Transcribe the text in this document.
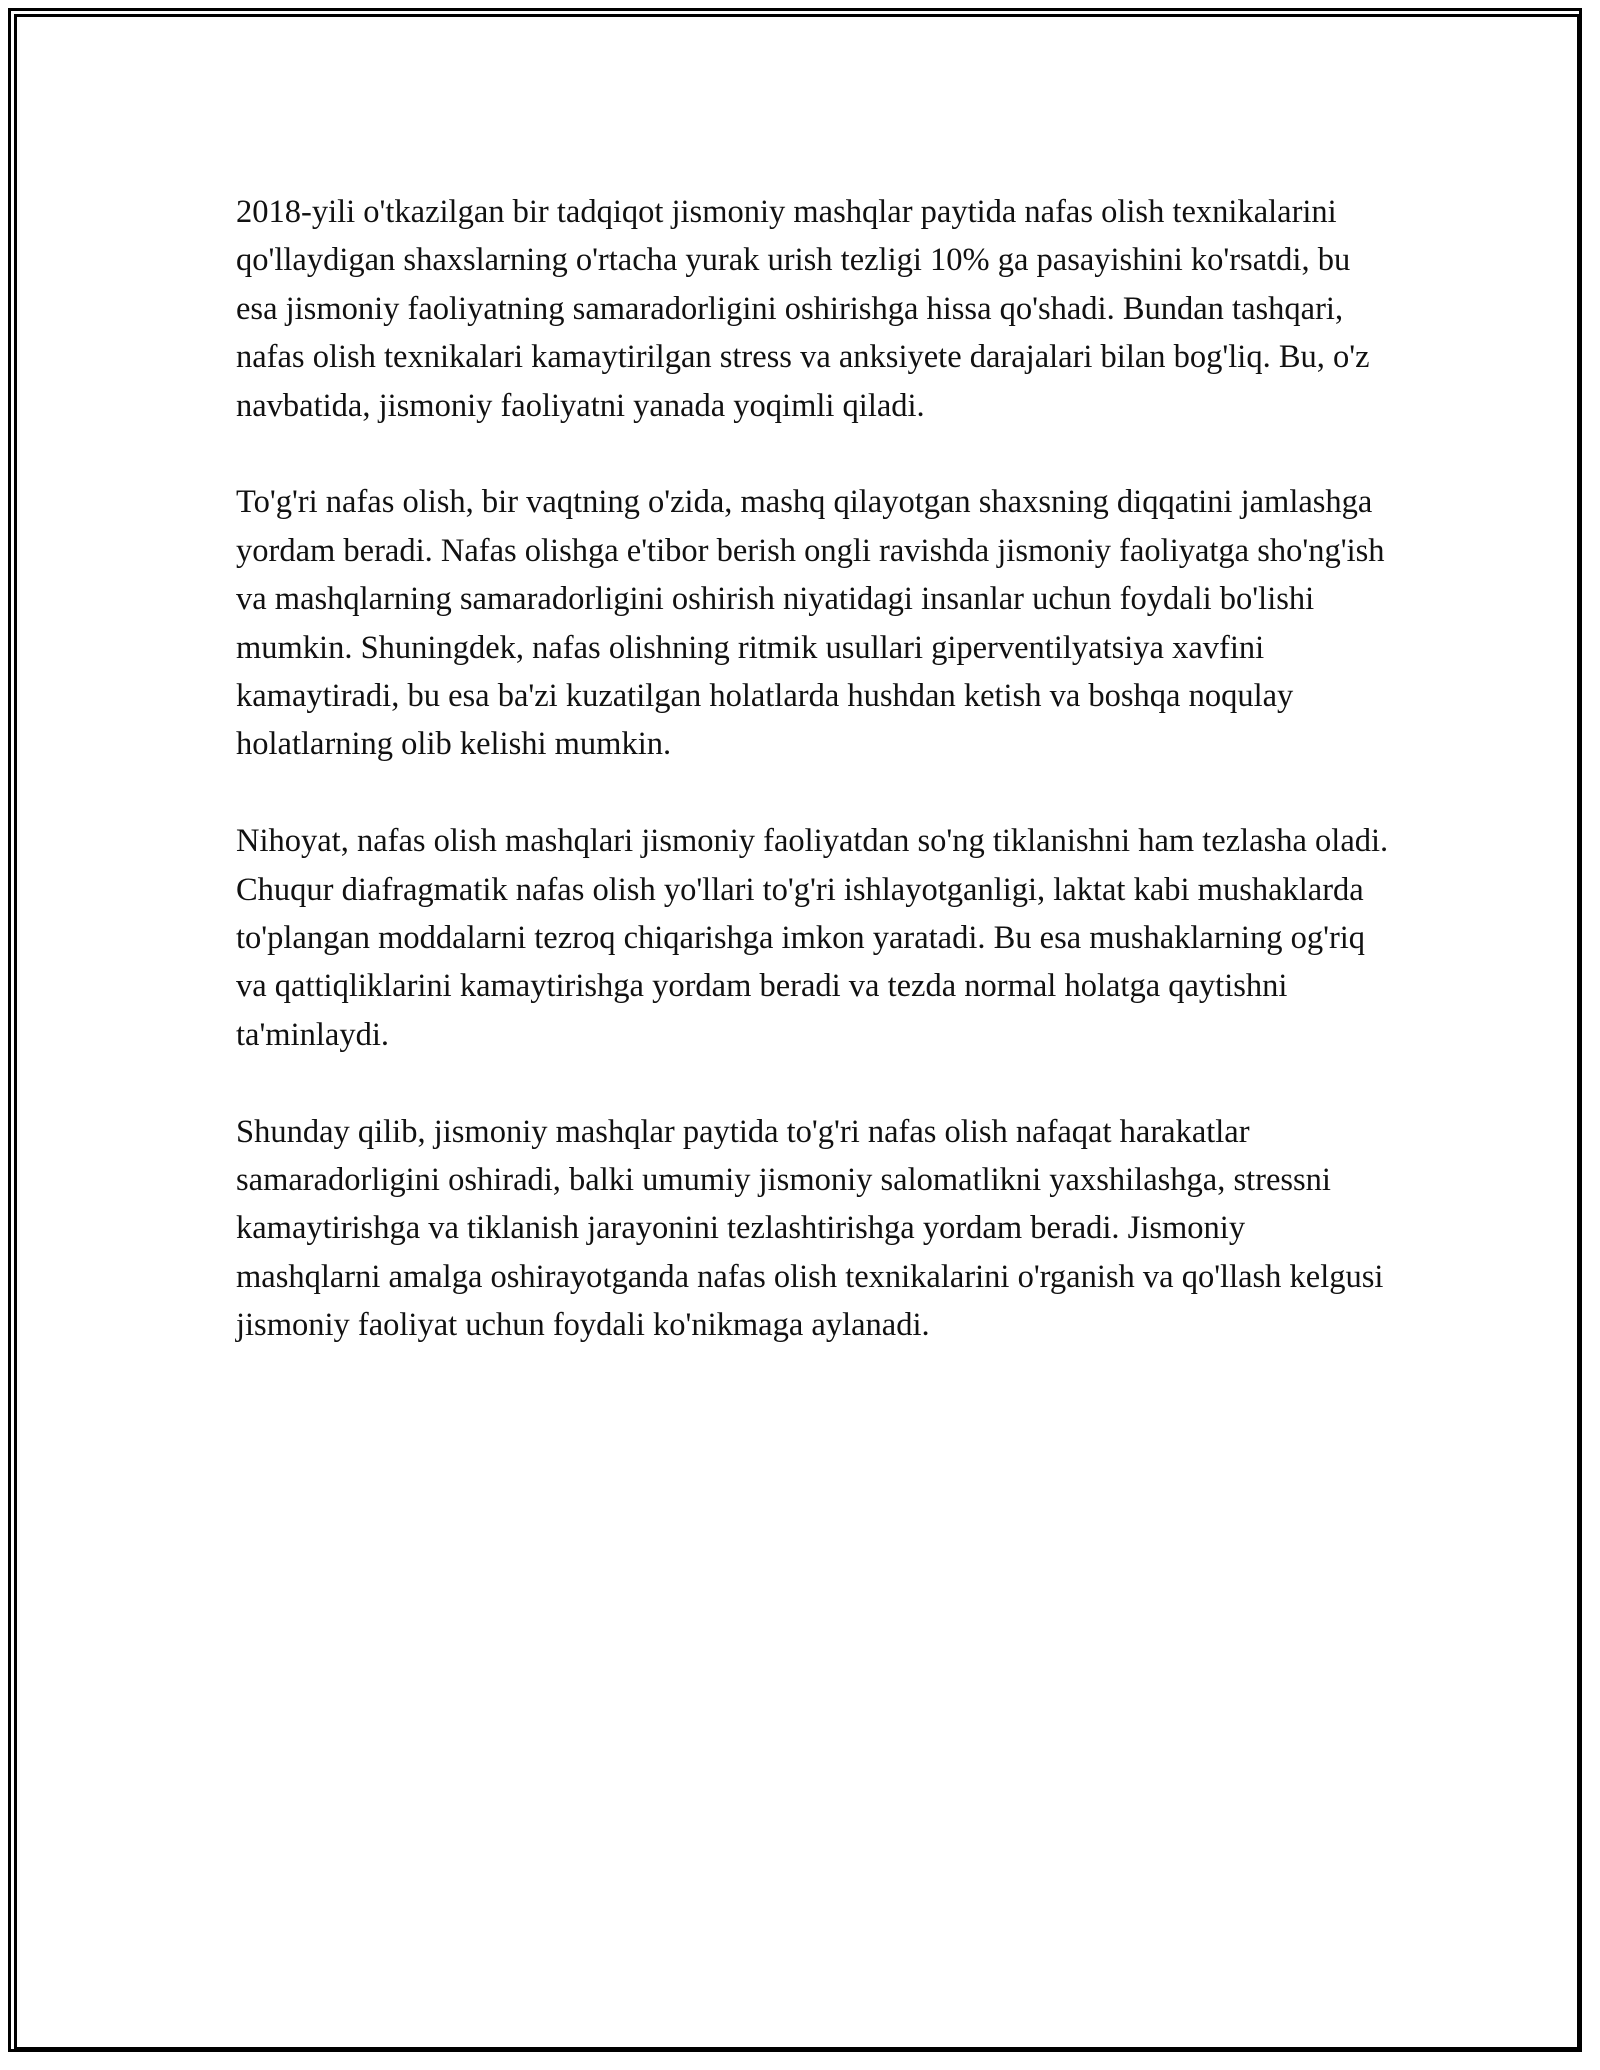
2018-yili o'tkazilgan bir tadqiqot jismoniy mashqlar paytida nafas olish texnikalarini qo'llaydigan shaxslarning o'rtacha yurak urish tezligi 10% ga pasayishini ko'rsatdi, bu esa jismoniy faoliyatning samaradorligini oshirishga hissa qo'shadi. Bundan tashqari, nafas olish texnikalari kamaytirilgan stress va anksiyete darajalari bilan bog'liq. Bu, o'z navbatida, jismoniy faoliyatni yanada yoqimli qiladi.

To'g'ri nafas olish, bir vaqtning o'zida, mashq qilayotgan shaxsning diqqatini jamlashga yordam beradi. Nafas olishga e'tibor berish ongli ravishda jismoniy faoliyatga sho'ng'ish va mashqlarning samaradorligini oshirish niyatidagi insanlar uchun foydali bo'lishi mumkin. Shuningdek, nafas olishning ritmik usullari giperventilyatsiya xavfini kamaytiradi, bu esa ba'zi kuzatilgan holatlarda hushdan ketish va boshqa noqulay holatlarning olib kelishi mumkin.

Nihoyat, nafas olish mashqlari jismoniy faoliyatdan so'ng tiklanishni ham tezlasha oladi. Chuqur diafragmatik nafas olish yo'llari to'g'ri ishlayotganligi, laktat kabi mushaklarda to'plangan moddalarni tezroq chiqarishga imkon yaratadi. Bu esa mushaklarning og'riq va qattiqliklarini kamaytirishga yordam beradi va tezda normal holatga qaytishni ta'minlaydi.

Shunday qilib, jismoniy mashqlar paytida to'g'ri nafas olish nafaqat harakatlar samaradorligini oshiradi, balki umumiy jismoniy salomatlikni yaxshilashga, stressni kamaytirishga va tiklanish jarayonini tezlashtirishga yordam beradi. Jismoniy mashqlarni amalga oshirayotganda nafas olish texnikalarini o'rganish va qo'llash kelgusi jismoniy faoliyat uchun foydali ko'nikmaga aylanadi.
